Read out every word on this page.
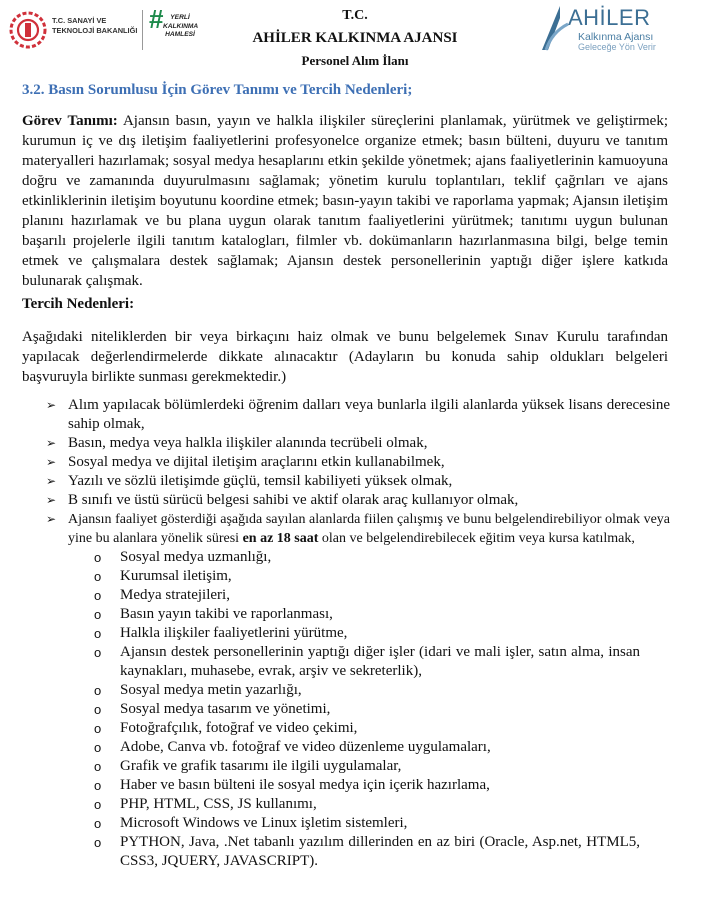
T.C. SANAYİ VE TEKNOLOJİ BAKANLIĞI #	YERLİ KALKINMA HAMLESİ
T.C.
AHİLER KALKINMA AJANSI
Personel Alım İlanı
AHİLER
Kalkınma Ajansı
Geleceğe Yön Verir
3.2. Basın Sorumlusu İçin Görev Tanımı ve Tercih Nedenleri;

Görev Tanımı: Ajansın basın, yayın ve halkla ilişkiler süreçlerini planlamak, yürütmek ve geliştirmek; kurumun iç ve dış iletişim faaliyetlerini profesyonelce organize etmek; basın bülteni, duyuru ve tanıtım materyalleri hazırlamak; sosyal medya hesaplarını etkin şekilde yönetmek; ajans faaliyetlerinin kamuoyuna doğru ve zamanında duyurulmasını sağlamak; yönetim kurulu toplantıları, teklif çağrıları ve ajans etkinliklerinin iletişim boyutunu koordine etmek; basın-yayın takibi ve raporlama yapmak; Ajansın iletişim planını hazırlamak ve bu plana uygun olarak tanıtım faaliyetlerini yürütmek; tanıtımı uygun bulunan başarılı projelerle ilgili tanıtım katalogları, filmler vb. dokümanların hazırlanmasına bilgi, belge temin etmek ve çalışmalara destek sağlamak; Ajansın destek personellerinin yaptığı diğer işlere katkıda bulunarak çalışmak.

Tercih Nedenleri:

Aşağıdaki niteliklerden bir veya birkaçını haiz olmak ve bunu belgelemek Sınav Kurulu tarafından yapılacak değerlendirmelerde dikkate alınacaktır (Adayların bu konuda sahip oldukları belgeleri başvuruyla birlikte sunması gerekmektedir.)

➢ Alım yapılacak bölümlerdeki öğrenim dalları veya bunlarla ilgili alanlarda yüksek lisans derecesine sahip olmak,
➢ Basın, medya veya halkla ilişkiler alanında tecrübeli olmak,
➢ Sosyal medya ve dijital iletişim araçlarını etkin kullanabilmek,
➢ Yazılı ve sözlü iletişimde güçlü, temsil kabiliyeti yüksek olmak,
➢ B sınıfı ve üstü sürücü belgesi sahibi ve aktif olarak araç kullanıyor olmak,
➢ Ajansın faaliyet gösterdiği aşağıda sayılan alanlarda fiilen çalışmış ve bunu belgelendirebiliyor olmak veya yine bu alanlara yönelik süresi en az 18 saat olan ve belgelendirebilecek eğitim veya kursa katılmak,
o Sosyal medya uzmanlığı,
o Kurumsal iletişim,
o Medya stratejileri,
o Basın yayın takibi ve raporlanması,
o Halkla ilişkiler faaliyetlerini yürütme,
o Ajansın destek personellerinin yaptığı diğer işler (idari ve mali işler, satın alma, insan kaynakları, muhasebe, evrak, arşiv ve sekreterlik),
o Sosyal medya metin yazarlığı,
o Sosyal medya tasarım ve yönetimi,
o Fotoğrafçılık, fotoğraf ve video çekimi,
o Adobe, Canva vb. fotoğraf ve video düzenleme uygulamaları,
o Grafik ve grafik tasarımı ile ilgili uygulamalar,
o Haber ve basın bülteni ile sosyal medya için içerik hazırlama,
o PHP, HTML, CSS, JS kullanımı,
o Microsoft Windows ve Linux işletim sistemleri,
o PYTHON, Java, .Net tabanlı yazılım dillerinden en az biri (Oracle, Asp.net, HTML5, CSS3, JQUERY, JAVASCRIPT).
